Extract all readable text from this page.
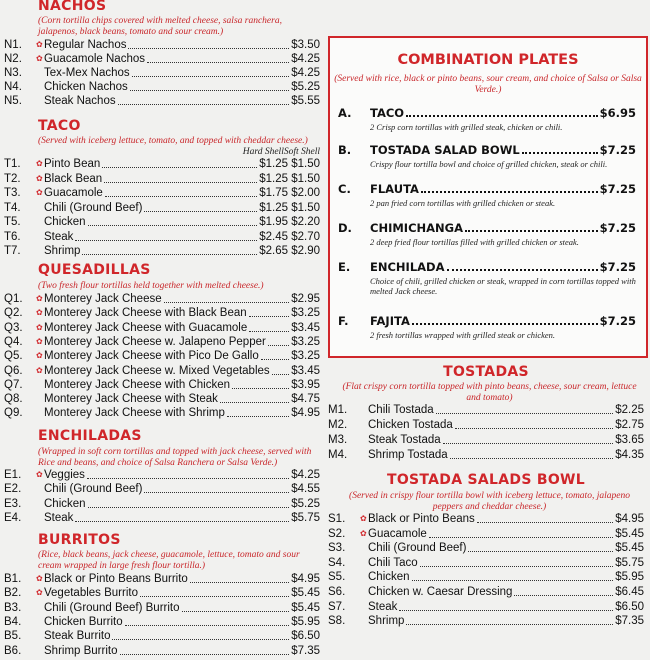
NACHOS
(Corn tortilla chips covered with melted cheese, salsa ranchera, jalapenos, black beans, tomato and sour cream.)
N1.	✿ Regular Nachos	$3.50
N2.	✿ Guacamole Nachos	$4.25
N3.	Tex-Mex Nachos	$4.25
N4.	Chicken Nachos	$5.25
N5.	Steak Nachos	$5.55
TACO
(Served with iceberg lettuce, tomato, and topped with cheddar cheese.)
Hard ShellSoft Shell
T1.	✿ Pinto Bean	$1.25 $1.50
T2.	✿ Black Bean	$1.25 $1.50
T3.	✿ Guacamole	$1.75 $2.00
T4.	Chili (Ground Beef)	$1.25 $1.50
T5.	Chicken	$1.95 $2.20
T6.	Steak	$2.45 $2.70
T7.	Shrimp	$2.65 $2.90
QUESADILLAS
(Two fresh flour tortillas held together with melted cheese.)
Q1.	✿ Monterey Jack Cheese	$2.95
Q2.	✿ Monterey Jack Cheese with Black Bean	$3.25
Q3.	✿ Monterey Jack Cheese with Guacamole	$3.45
Q4.	✿ Monterey Jack Cheese w. Jalapeno Pepper $3.25
Q5.	✿ Monterey Jack Cheese with Pico De Gallo	$3.25
Q6.	✿ Monterey Jack Cheese w. Mixed Vegetables $3.45
Q7.	Monterey Jack Cheese with Chicken	$3.95
Q8.	Monterey Jack Cheese with Steak	$4.75
Q9.	Monterey Jack Cheese with Shrimp	$4.95
ENCHILADAS
(Wrapped in soft corn tortillas and topped with jack cheese, served with Rice and beans, and choice of Salsa Ranchera or Salsa Verde.)
E1.	✿ Veggies	$4.25
E2.	Chili (Ground Beef)	$4.55
E3.	Chicken	$5.25
E4.	Steak	$5.75
BURRITOS
(Rice, black beans, jack cheese, guacamole, lettuce, tomato and sour cream wrapped in large fresh flour tortilla.)
B1.	✿ Black or Pinto Beans Burrito	$4.95
B2.	✿ Vegetables Burrito	$5.45
B3.	Chili (Ground Beef) Burrito	$5.45
B4.	Chicken Burrito	$5.95
B5.	Steak Burrito	$6.50
B6.	Shrimp Burrito	$7.35
COMBINATION PLATES
(Served with rice, black or pinto beans, sour cream, and choice of Salsa or Salsa Verde.)
A.	TACO	$6.95
2 Crisp corn tortillas with grilled steak, chicken or chili.
B.	TOSTADA SALAD BOWL	$7.25
Crispy flour tortilla bowl and choice of grilled chicken, steak or chili.
C.	FLAUTA	$7.25
2 pan fried corn tortillas with grilled chicken or steak.
D.	CHIMICHANGA	$7.25
2 deep fried flour tortillas filled with grilled chicken or steak.
E.	ENCHILADA	$7.25
Choice of chili, grilled chicken or steak, wrapped in corn tortillas topped with melted Jack cheese.
F.	FAJITA	$7.25
2 fresh tortillas wrapped with grilled steak or chicken.
TOSTADAS
(Flat crispy corn tortilla topped with pinto beans, cheese, sour cream, lettuce and tomato)
M1.	Chili Tostada	$2.25
M2.	Chicken Tostada	$2.75
M3.	Steak Tostada	$3.65
M4.	Shrimp Tostada	$4.35
TOSTADA SALADS BOWL
(Served in crispy flour tortilla bowl with iceberg lettuce, tomato, jalapeno peppers and cheddar cheese.)
S1.	✿ Black or Pinto Beans	$4.95
S2.	✿ Guacamole	$5.45
S3.	Chili (Ground Beef)	$5.45
S4.	Chili Taco	$5.75
S5.	Chicken	$5.95
S6.	Chicken w. Caesar Dressing	$6.45
S7.	Steak	$6.50
S8.	Shrimp	$7.35
